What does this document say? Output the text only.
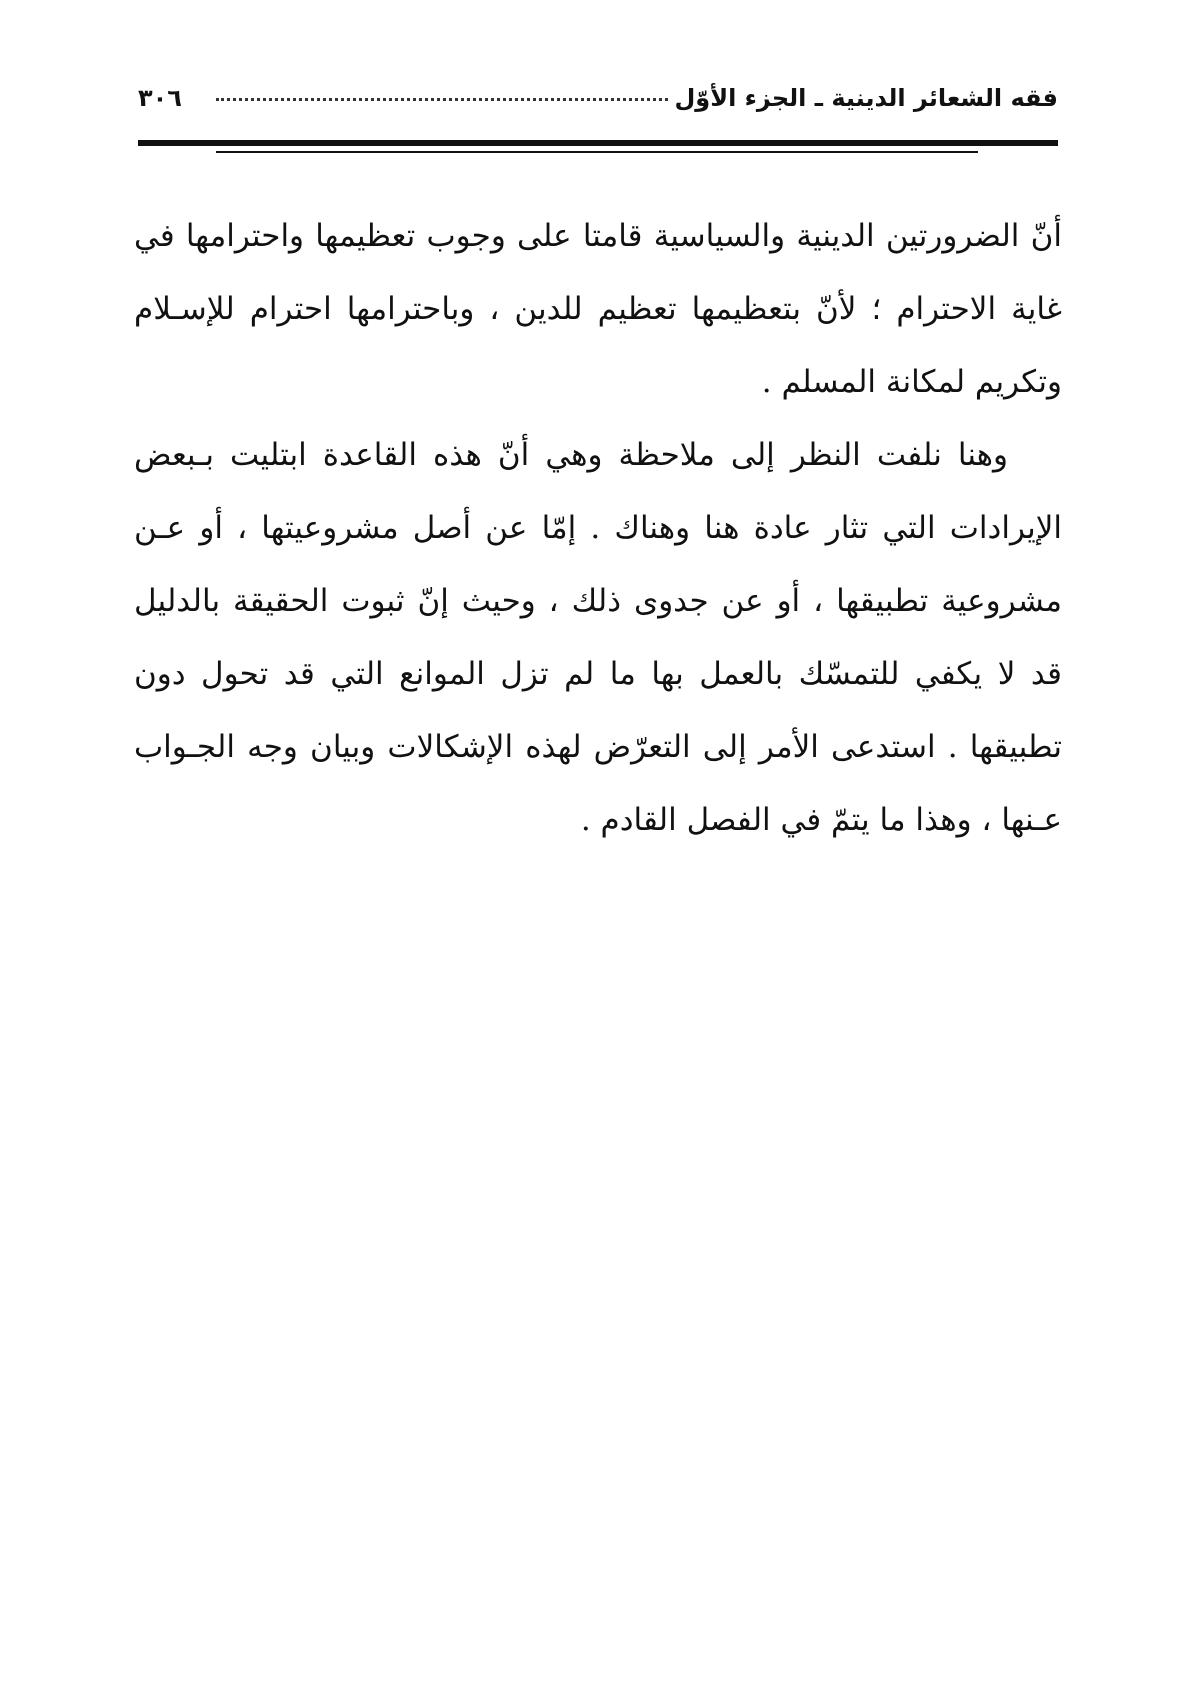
فقه الشعائر الدينية ـ الجزء الأوّل
٣٠٦

أنّ الضرورتين الدينية والسياسية قامتا على وجوب تعظيمها واحترامها في غاية الاحترام ؛ لأنّ بتعظيمها تعظيم للدين ، وباحترامها احترام للإسـلام وتكريم لمكانة المسلم .

وهنا نلفت النظر إلى ملاحظة وهي أنّ هذه القاعدة ابتليت بـبعض الإيرادات التي تثار عادة هنا وهناك . إمّا عن أصل مشروعيتها ، أو عـن مشروعية تطبيقها ، أو عن جدوى ذلك ، وحيث إنّ ثبوت الحقيقة بالدليل قد لا يكفي للتمسّك بالعمل بها ما لم تزل الموانع التي قد تحول دون تطبيقها . استدعى الأمر إلى التعرّض لهذه الإشكالات وبيان وجه الجـواب عـنها ، وهذا ما يتمّ في الفصل القادم .
